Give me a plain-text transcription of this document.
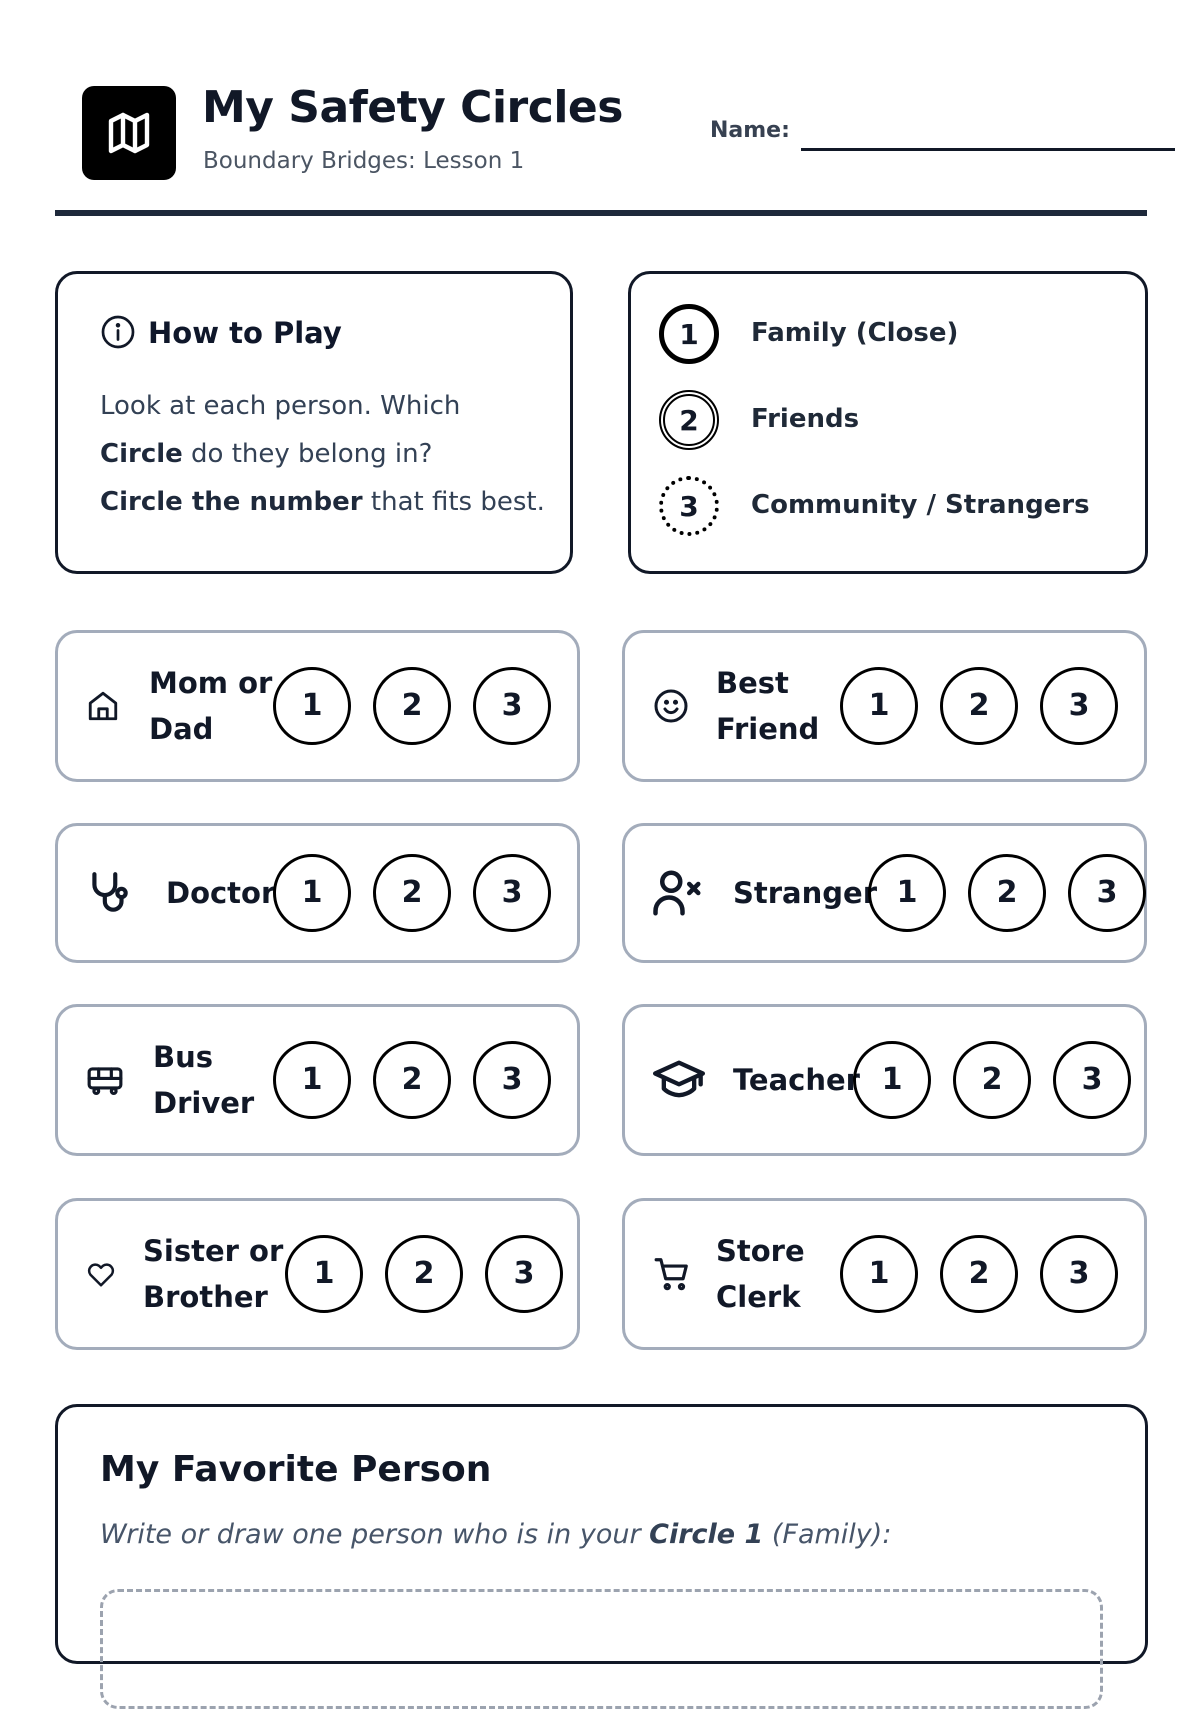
My Safety Circles
Boundary Bridges: Lesson 1
Name:
How to Play
Look at each person. Which
Circle do they belong in?
Circle the number that fits best.
1	Family (Close)
2	Friends
3	Community / Strangers
Mom or
Dad
1	2	3
Best
Friend
1	2	3
Doctor 1	2	3	Stranger 1	2	3
Bus
Driver
1	2	3	Teacher 1	2	3
Sister or
Brother
1	2	3
Store
Clerk
1	2	3
My Favorite Person
Write or draw one person who is in your Circle 1 (Family):
